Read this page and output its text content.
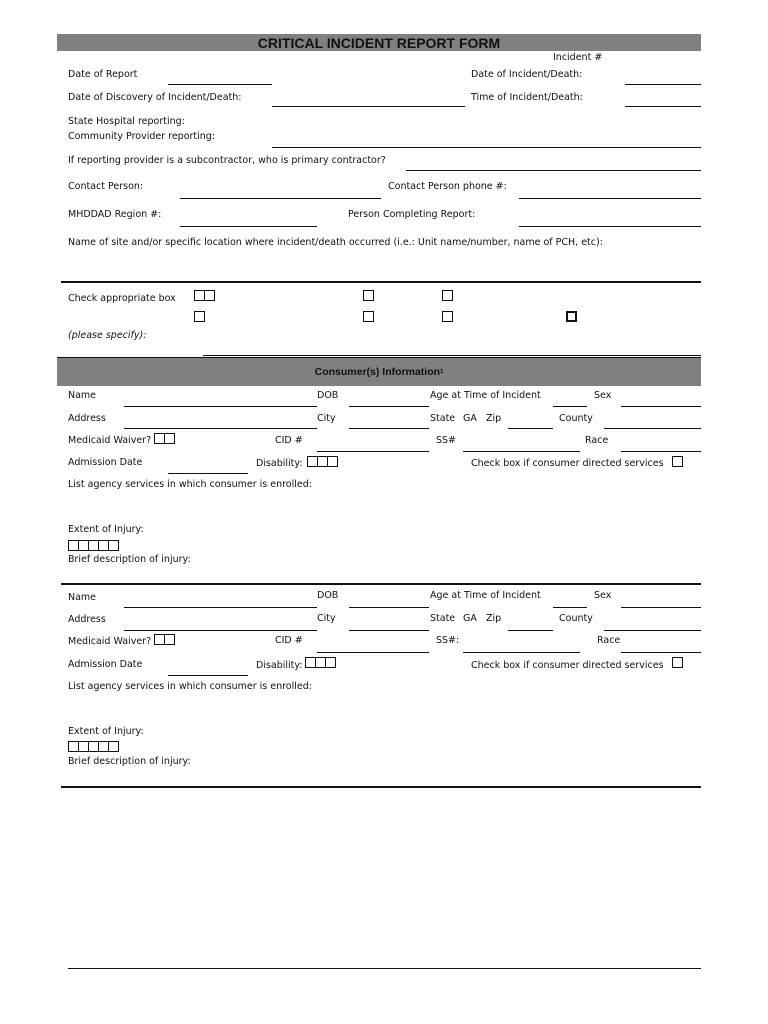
CRITICAL INCIDENT REPORT FORM
Incident #
Date of Report	Date of Incident/Death:
Date of Discovery of Incident/Death:	Time of Incident/Death:
State Hospital reporting:
Community Provider reporting:
If reporting provider is a subcontractor, who is primary contractor?
Contact Person:	Contact Person phone #:
MHDDAD Region #:	Person Completing Report:
Name of site and/or specific location where incident/death occurred (i.e.: Unit name/number, name of PCH, etc):
Check appropriate box
(please specify):
Consumer(s) Information 1
Name	DOB	Age at Time of Incident	Sex
Address	City	State GA Zip	County
Medicaid Waiver?	CID #	SS#	Race
Admission Date	Disability:	Check box if consumer directed services
List agency services in which consumer is enrolled:
Extent of Injury:
Brief description of injury:
Name	DOB	Age at Time of Incident	Sex
Address	City	State GA Zip	County
Medicaid Waiver?	CID #	SS#:	Race
Admission Date	Disability:	Check box if consumer directed services
List agency services in which consumer is enrolled:
Extent of Injury:
Brief description of injury:
